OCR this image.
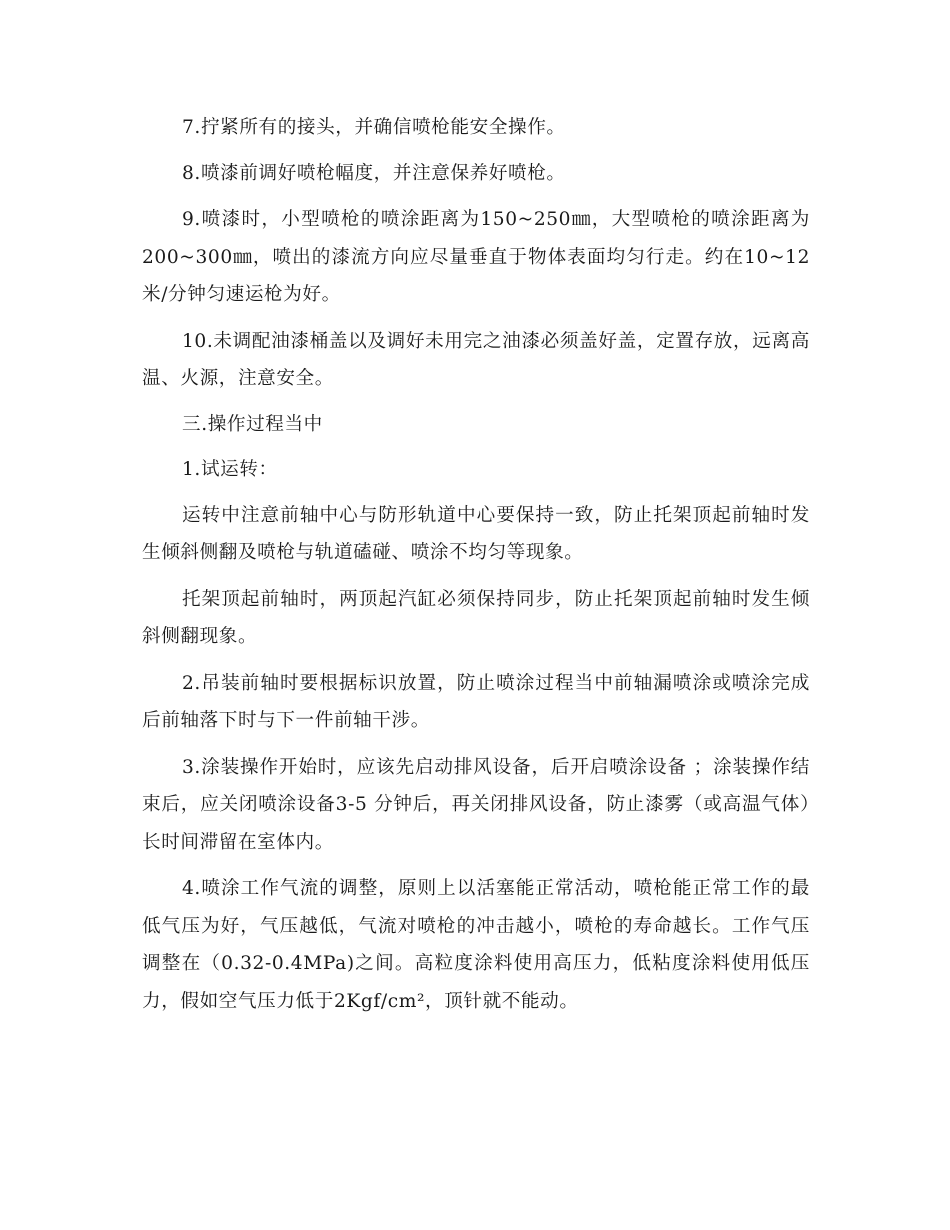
7.拧紧所有的接头，并确信喷枪能安全操作。

8.喷漆前调好喷枪幅度，并注意保养好喷枪。

9.喷漆时，小型喷枪的喷涂距离为150~250㎜，大型喷枪的喷涂距离为200~300㎜，喷出的漆流方向应尽量垂直于物体表面均匀行走。约在10~12米/分钟匀速运枪为好。

10.未调配油漆桶盖以及调好未用完之油漆必须盖好盖，定置存放，远离高温、火源，注意安全。

三.操作过程当中

1.试运转：

运转中注意前轴中心与防形轨道中心要保持一致，防止托架顶起前轴时发生倾斜侧翻及喷枪与轨道磕碰、喷涂不均匀等现象。

托架顶起前轴时，两顶起汽缸必须保持同步，防止托架顶起前轴时发生倾斜侧翻现象。

2.吊装前轴时要根据标识放置，防止喷涂过程当中前轴漏喷涂或喷涂完成后前轴落下时与下一件前轴干涉。

3.涂装操作开始时，应该先启动排风设备，后开启喷涂设备 ；涂装操作结束后，应关闭喷涂设备3-5 分钟后，再关闭排风设备，防止漆雾（或高温气体）长时间滞留在室体内。

4.喷涂工作气流的调整，原则上以活塞能正常活动，喷枪能正常工作的最低气压为好，气压越低，气流对喷枪的冲击越小，喷枪的寿命越长。工作气压调整在（0.32-0.4MPa)之间。高粒度涂料使用高压力，低粘度涂料使用低压力，假如空气压力低于2Kgf/cm²，顶针就不能动。
